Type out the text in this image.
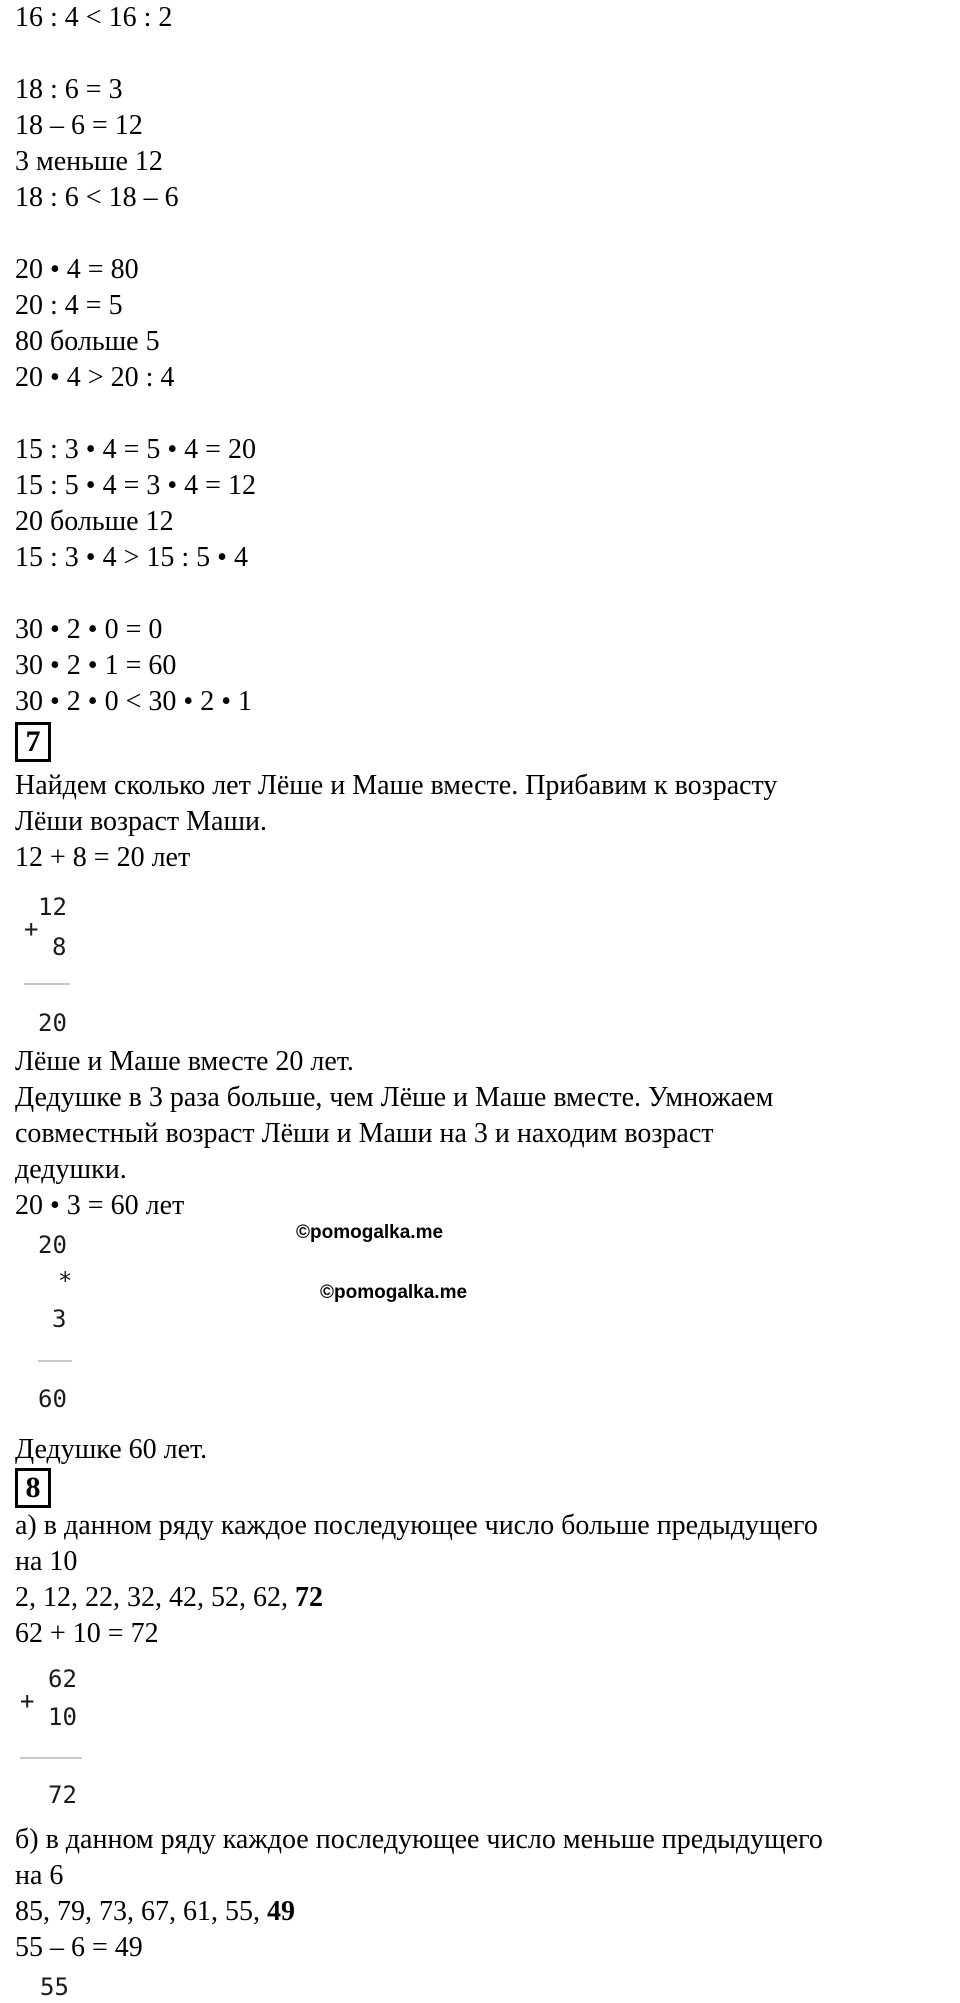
16 : 4 < 16 : 2

18 : 6 = 3

18 – 6 = 12

3 меньше 12

18 : 6 < 18 – 6

20 • 4 = 80

20 : 4 = 5

80 больше 5

20 • 4 > 20 : 4

15 : 3 • 4 = 5 • 4 = 20

15 : 5 • 4 = 3 • 4 = 12

20 больше 12

15 : 3 • 4 > 15 : 5 • 4

30 • 2 • 0 = 0

30 • 2 • 1 = 60

30 • 2 • 0 < 30 • 2 • 1

7

Найдем сколько лет Лёше и Маше вместе. Прибавим к возрасту

Лёши возраст Маши.

12 + 8 = 20 лет

12
+
8
20

Лёше и Маше вместе 20 лет.

Дедушке в 3 раза больше, чем Лёше и Маше вместе. Умножаем

совместный возраст Лёши и Маши на 3 и находим возраст

дедушки.

20 • 3 = 60 лет

©pomogalka.me
©pomogalka.me
20
*
3
60

Дедушке 60 лет.

8

а) в данном ряду каждое последующее число больше предыдущего

на 10

2, 12, 22, 32, 42, 52, 62, 72

62 + 10 = 72

62
+
10
72

б) в данном ряду каждое последующее число меньше предыдущего

на 6

85, 79, 73, 67, 61, 55, 49

55 – 6 = 49

55
